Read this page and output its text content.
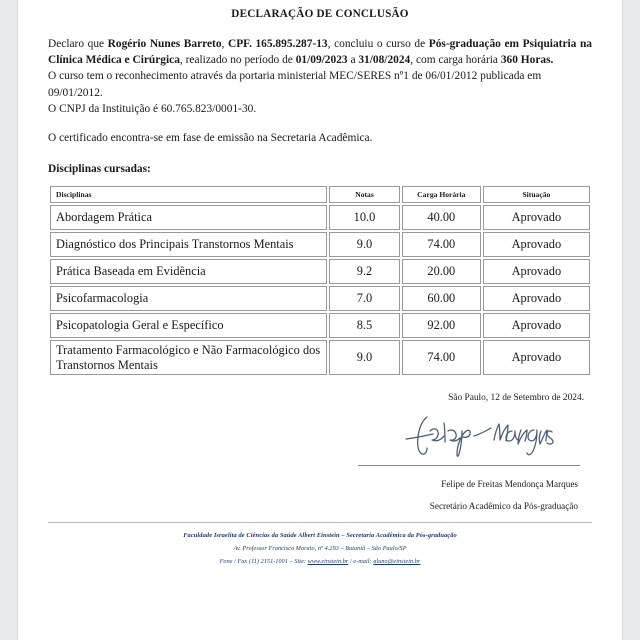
DECLARAÇÃO DE CONCLUSÃO

Declaro que Rogério Nunes Barreto, CPF. 165.895.287-13, concluiu o curso de Pós-graduação em Psiquiatria na Clínica Médica e Cirúrgica, realizado no período de 01/09/2023 a 31/08/2024, com carga horária 360 Horas.

O curso tem o reconhecimento através da portaria ministerial MEC/SERES nº1 de 06/01/2012 publicada em 09/01/2012.

O CNPJ da Instituição é 60.765.823/0001-30.

O certificado encontra-se em fase de emissão na Secretaria Acadêmica.

Disciplinas cursadas:

Disciplinas	Notas	Carga Horária	Situação
Abordagem Prática	10.0	40.00	Aprovado
Diagnóstico dos Principais Transtornos Mentais	9.0	74.00	Aprovado
Prática Baseada em Evidência	9.2	20.00	Aprovado
Psicofarmacologia	7.0	60.00	Aprovado
Psicopatologia Geral e Específico	8.5	92.00	Aprovado
Tratamento Farmacológico e Não Farmacológico dos Transtornos Mentais	9.0	74.00	Aprovado

São Paulo, 12 de Setembro de 2024.

Felipe de Freitas Mendonça Marques

Secretário Acadêmico da Pós-graduação

Faculdade Israelita de Ciências da Saúde Albert Einstein – Secretaria Acadêmica da Pós-graduação

Av. Professor Francisco Morato, nº 4.293 – Butantã – São Paulo/SP

Fone / Fax (11) 2151-1001 – Site: www.einstein.br / e-mail: aluno@einstein.br
